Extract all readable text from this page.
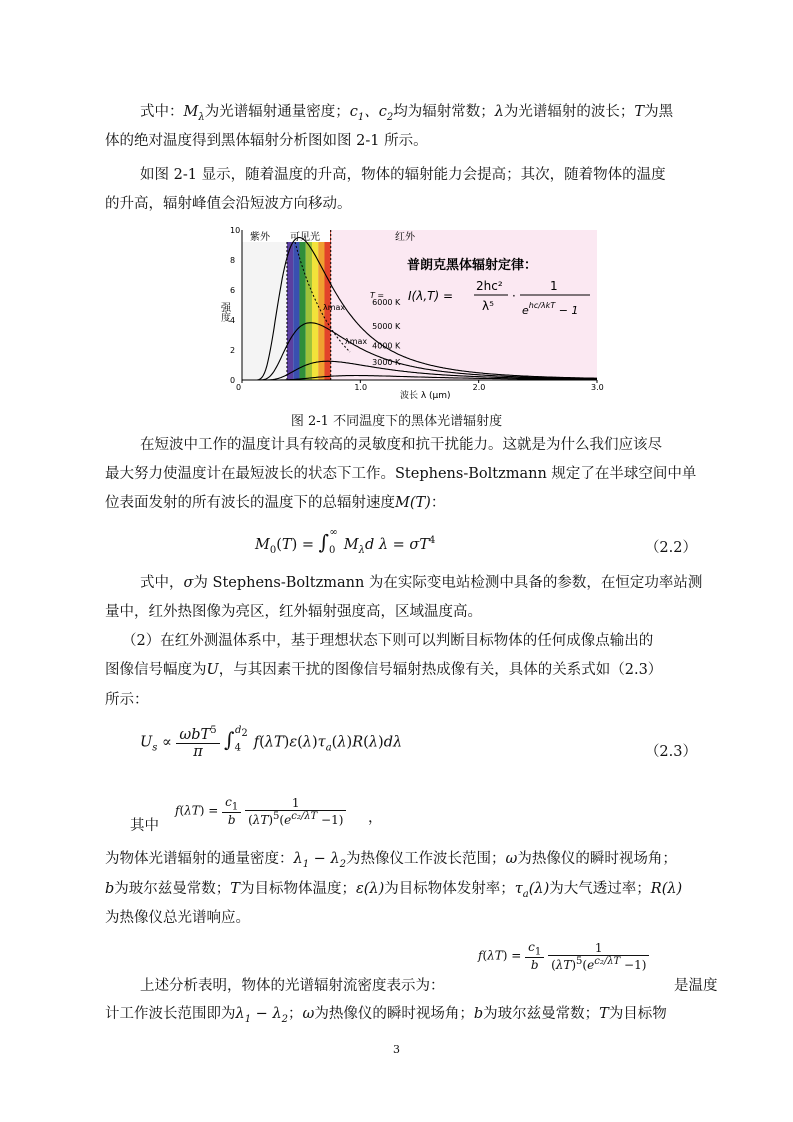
式中：$M_\lambda$为光谱辐射通量密度；$c_1$、$c_2$均为辐射常数；λ为光谱辐射的波长；T为黑
体的绝对温度得到黑体辐射分析图如图 2-1 所示。
如图 2-1 显示，随着温度的升高，物体的辐射能力会提高；其次，随着物体的温度
的升高，辐射峰值会沿短波方向移动。
紫外 可见光	红外
0	1.0	2.0	3.0
0
2
4
6
8
10
强度
波长 λ (μm)
普朗克黑体辐射定律：
I(λ,T) =
2hc²
λ⁵
·
1
$e^{hc/\lambda kT} - 1$
T =
λmax
λmax
6000 K
5000 K
4000 K
3000 K
图 2-1 不同温度下的黑体光谱辐射度
在短波中工作的温度计具有较高的灵敏度和抗干扰能力。这就是为什么我们应该尽
最大努力使温度计在最短波长的状态下工作。Stephens-Boltzmann 规定了在半球空间中单
位表面发射的所有波长的温度下的总辐射速度M(T)：
$M_0(T) = \int_0^\infty M_\lambda d$ $\lambda = \sigma T^4$	（2.2）
式中，σ为 Stephens-Boltzmann 为在实际变电站检测中具备的参数，在恒定功率站测
量中，红外热图像为亮区，红外辐射强度高，区域温度高。
（2）在红外测温体系中，基于理想状态下则可以判断目标物体的任何成像点输出的
图像信号幅度为U，与其因素干扰的图像信号辐射热成像有关，具体的关系式如（2.3）
所示：
$U_s \propto \frac{\omega bT^5}{\pi} \int_4^{d_2}f(\lambda T)\varepsilon(\lambda)\tau_a(\lambda)R(\lambda)d\lambda$
（2.3）
$f(\lambda T) = \frac{c_1}{b}$
$\frac{1}{(\lambda T)^5(e^{c_2/\lambda T} -1)}$
其中	，
为物体光谱辐射的通量密度：$\lambda_1 - \lambda_2$为热像仪工作波长范围；ω为热像仪的瞬时视场角；
b为玻尔兹曼常数；T为目标物体温度；ε(λ)为目标物体发射率；$\tau_a(\lambda)$为大气透过率；R(λ)
为热像仪总光谱响应。
$f(\lambda T) = \frac{c_1}{b}$
$\frac{1}{(\lambda T)^5(e^{c_2/\lambda T} -1)}$
上述分析表明，物体的光谱辐射流密度表示为：	是温度
计工作波长范围即为$\lambda_1 - \lambda_2$；ω为热像仪的瞬时视场角；b为玻尔兹曼常数；T为目标物
3
